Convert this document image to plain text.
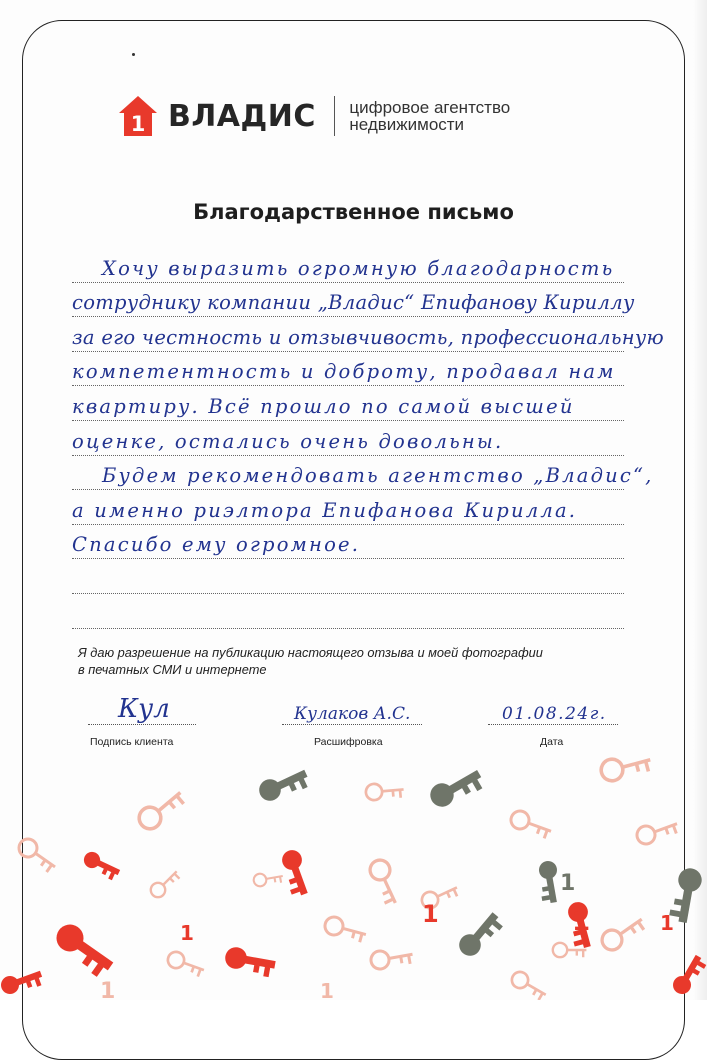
1 ВЛАДИС цифровое агентство
недвижимости
Благодарственное письмо
Хочу выразить огромную благодарность
сотруднику компании „Владис“ Епифанову Кириллу
за его честность и отзывчивость, профессиональную
компетентность и доброту, продавал нам
квартиру. Всё прошло по самой высшей
оценке, остались очень довольны.
Будем рекомендовать агентство „Владис“,
а именно риэлтора Епифанова Кирилла.
Спасибо ему огромное.
Я даю разрешение на публикацию настоящего отзыва и моей фотографии
в печатных СМИ и интернете
Кул
Подпись клиента
Кулаков А.С.
Расшифровка
01.08.24г.
Дата
1	1
1
1
1
1	1
